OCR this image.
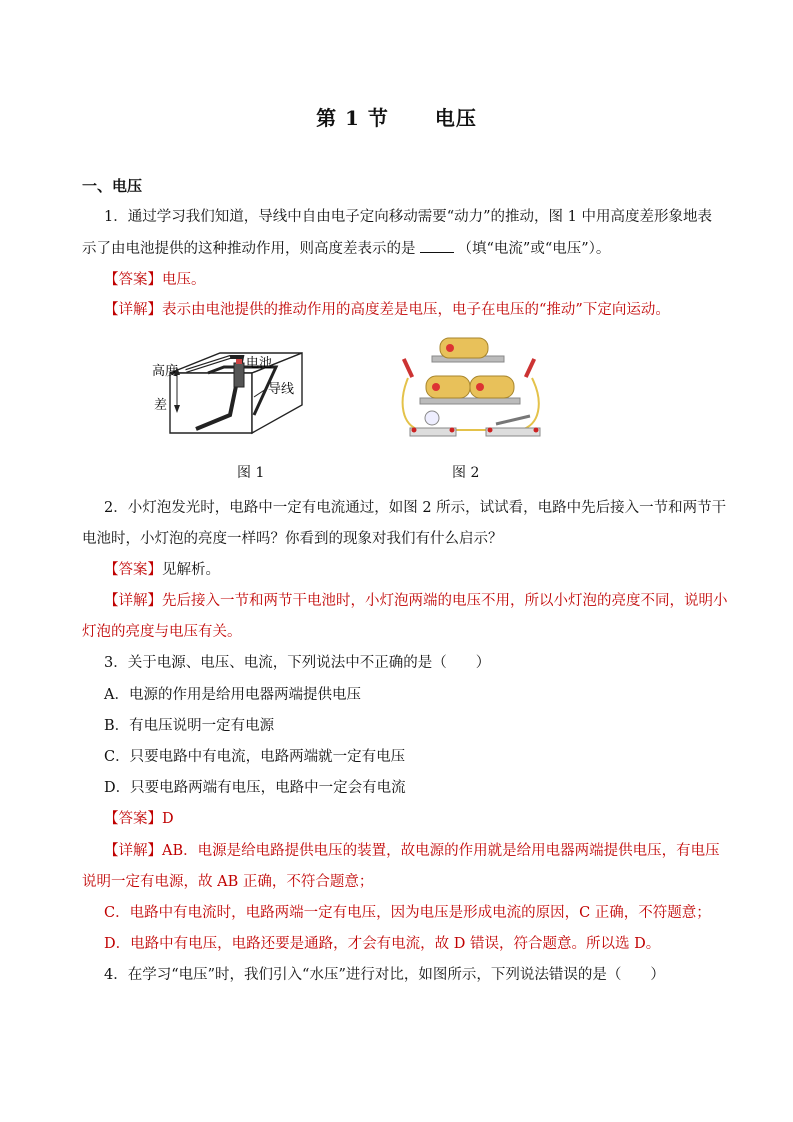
第 1 节 电压
一、电压
1．通过学习我们知道，导线中自由电子定向移动需要“动力”的推动，图 1 中用高度差形象地表
示了由电池提供的这种推动作用，则高度差表示的是	（填“电流”或“电压”）。
【答案】电压。
【详解】表示由电池提供的推动作用的高度差是电压，电子在电压的“推动”下定向运动。
高度
差
电池
导线
图 1	图 2
2．小灯泡发光时，电路中一定有电流通过，如图 2 所示，试试看，电路中先后接入一节和两节干
电池时，小灯泡的亮度一样吗？你看到的现象对我们有什么启示？
【答案】见解析。
【详解】先后接入一节和两节干电池时，小灯泡两端的电压不用，所以小灯泡的亮度不同，说明小
灯泡的亮度与电压有关。
3．关于电源、电压、电流，下列说法中不正确的是（　　）
A．电源的作用是给用电器两端提供电压
B．有电压说明一定有电源
C．只要电路中有电流，电路两端就一定有电压
D．只要电路两端有电压，电路中一定会有电流
【答案】D
【详解】AB．电源是给电路提供电压的装置，故电源的作用就是给用电器两端提供电压，有电压
说明一定有电源，故 AB 正确，不符合题意；
C．电路中有电流时，电路两端一定有电压，因为电压是形成电流的原因，C 正确，不符题意；
D．电路中有电压，电路还要是通路，才会有电流，故 D 错误，符合题意。所以选 D。
4．在学习“电压”时，我们引入“水压”进行对比，如图所示，下列说法错误的是（　　）
